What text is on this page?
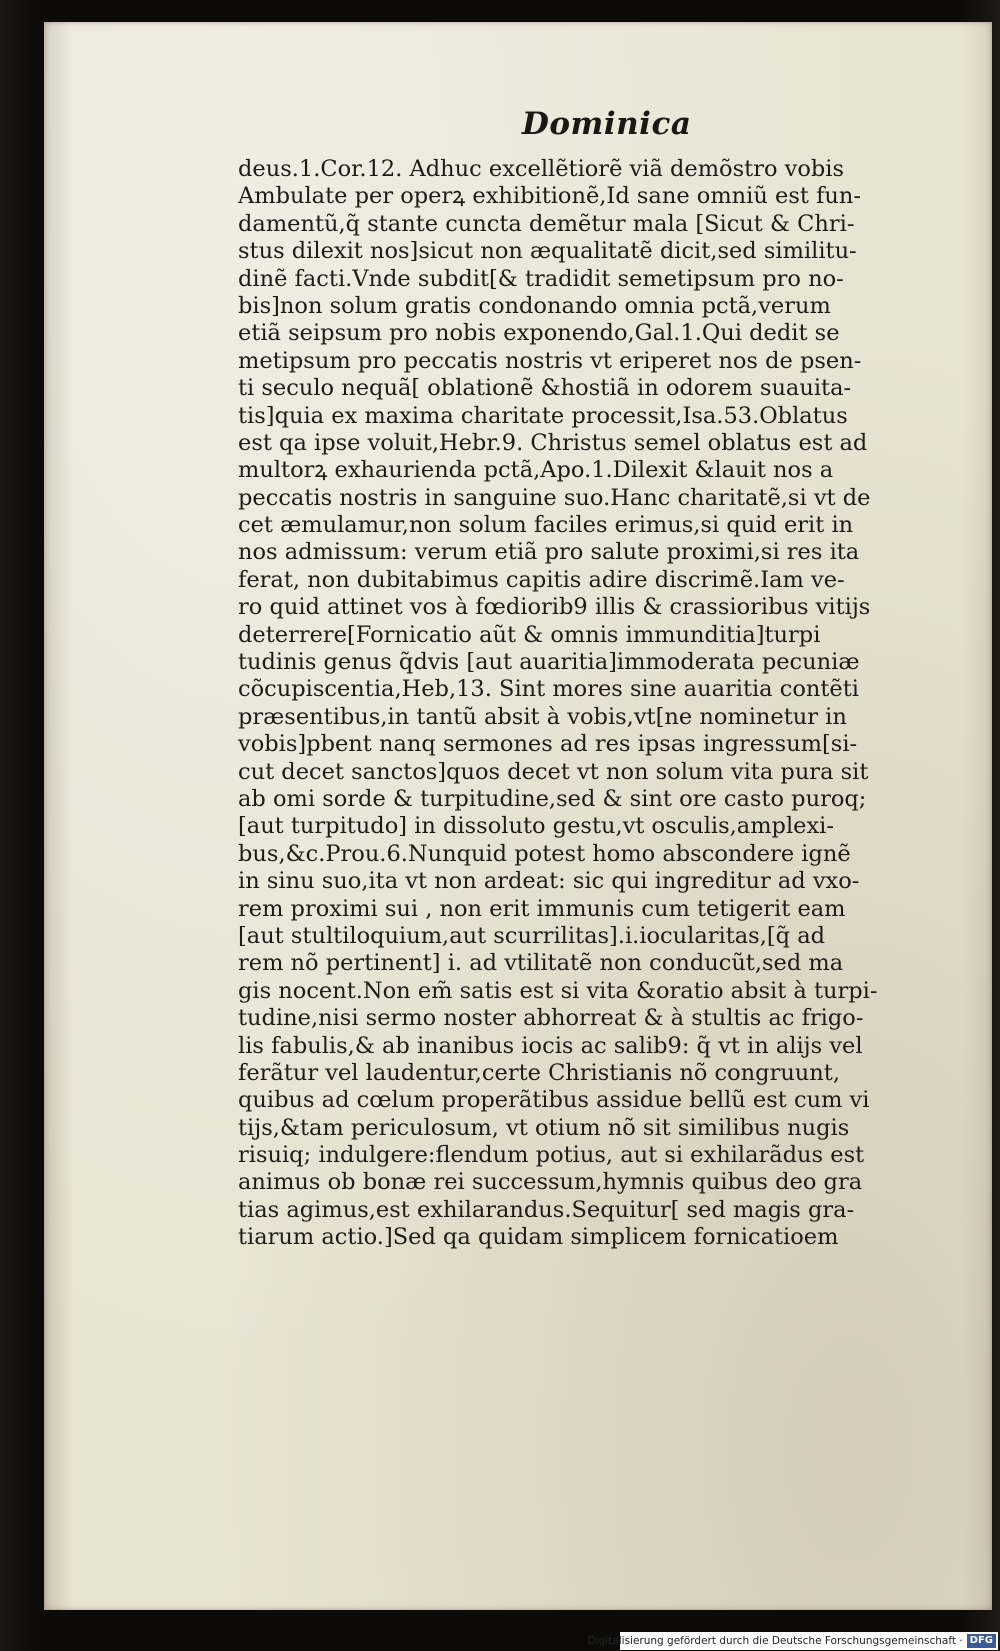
Dominica
deus.1.Cor.12. Adhuc excellẽtiorẽ viã demõstro vobis
Ambulate per operꝝ exhibitionẽ,Id sane omniũ est fun-
damentũ,q̃ stante cuncta demẽtur mala [Sicut & Chri-
stus dilexit nos]sicut non æqualitatẽ dicit,sed similitu-
dinẽ facti.Vnde subdit[& tradidit semetipsum pro no-
bis]non solum gratis condonando omnia pctã,verum
etiã seipsum pro nobis exponendo,Gal.1.Qui dedit se
metipsum pro peccatis nostris vt eriperet nos de psen-
ti seculo nequã[ oblationẽ &hostiã in odorem suauita-
tis]quia ex maxima charitate processit,Isa.53.Oblatus
est qa ipse voluit,Hebr.9. Christus semel oblatus est ad
multorꝝ exhaurienda pctã,Apo.1.Dilexit &lauit nos a
peccatis nostris in sanguine suo.Hanc charitatẽ,si vt de
cet æmulamur,non solum faciles erimus,si quid erit in
nos admissum: verum etiã pro salute proximi,si res ita
ferat, non dubitabimus capitis adire discrimẽ.Iam ve-
ro quid attinet vos à fœdiorib9 illis & crassioribus vitijs
deterrere[Fornicatio aũt & omnis immunditia]turpi
tudinis genus q̃dvis [aut auaritia]immoderata pecuniæ
cõcupiscentia,Heb,13. Sint mores sine auaritia contẽti
præsentibus,in tantũ absit à vobis,vt[ne nominetur in
vobis]pbent nanq sermones ad res ipsas ingressum[si-
cut decet sanctos]quos decet vt non solum vita pura sit
ab omi sorde & turpitudine,sed & sint ore casto puroq;
[aut turpitudo] in dissoluto gestu,vt osculis,amplexi-
bus,&c.Prou.6.Nunquid potest homo abscondere ignẽ
in sinu suo,ita vt non ardeat: sic qui ingreditur ad vxo-
rem proximi sui , non erit immunis cum tetigerit eam
[aut stultiloquium,aut scurrilitas].i.iocularitas,[q̃ ad
rem nõ pertinent] i. ad vtilitatẽ non conducũt,sed ma
gis nocent.Non em̃ satis est si vita &oratio absit à turpi-
tudine,nisi sermo noster abhorreat & à stultis ac frigo-
lis fabulis,& ab inanibus iocis ac salib9: q̃ vt in alijs vel
ferãtur vel laudentur,certe Christianis nõ congruunt,
quibus ad cœlum properãtibus assidue bellũ est cum vi
tijs,&tam periculosum, vt otium nõ sit similibus nugis
risuiq; indulgere:flendum potius, aut si exhilarãdus est
animus ob bonæ rei successum,hymnis quibus deo gra
tias agimus,est exhilarandus.Sequitur[ sed magis gra-
tiarum actio.]Sed qa quidam simplicem fornicatioem
Digitalisierung gefördert durch die Deutsche Forschungsgemeinschaft · DFG
